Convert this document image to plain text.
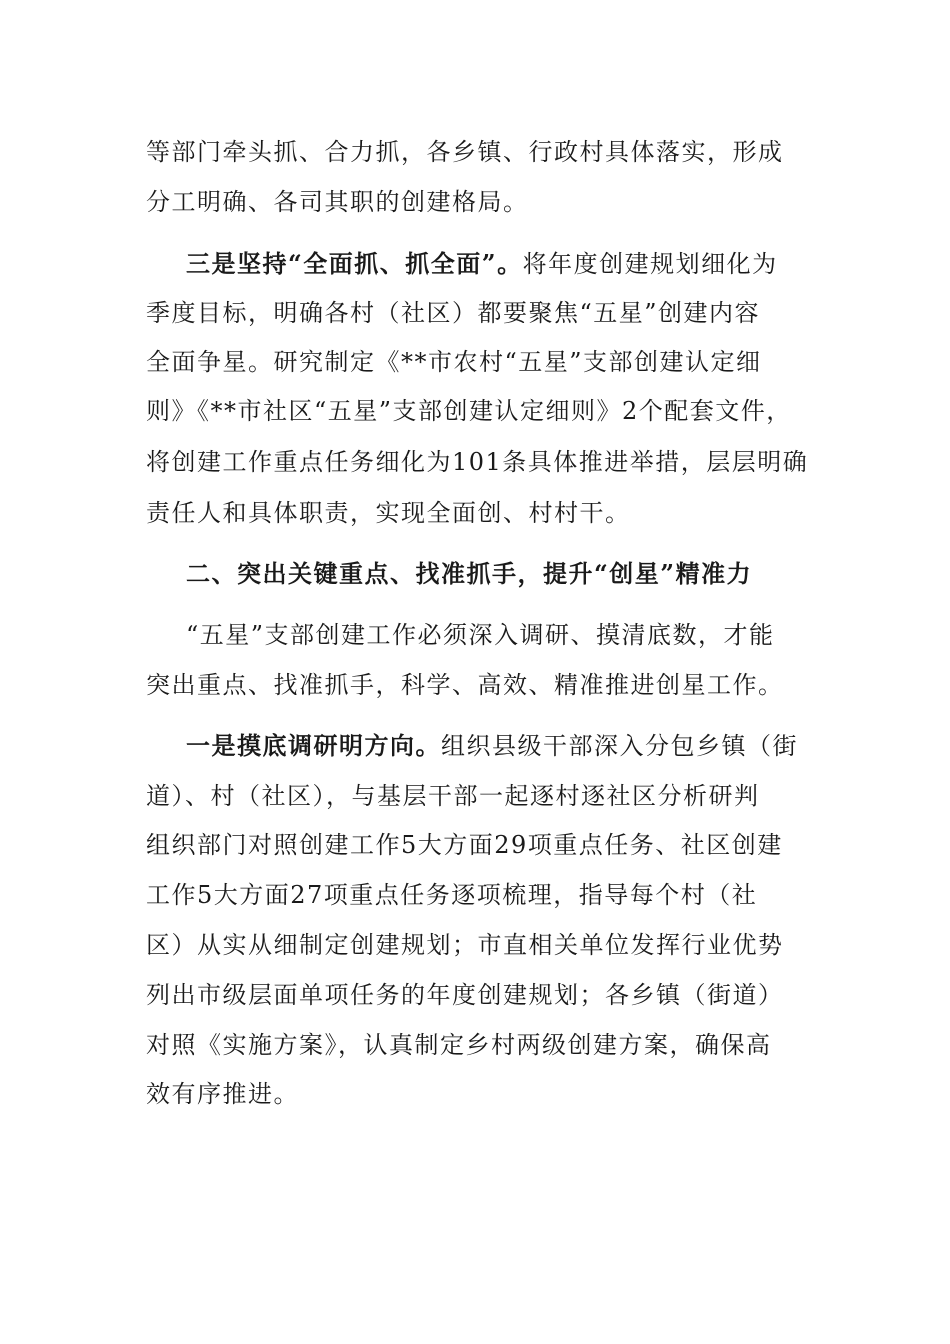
等部门牵头抓、合力抓，各乡镇、行政村具体落实，形成
分工明确、各司其职的创建格局。
三是坚持“全面抓、抓全面”。将年度创建规划细化为
季度目标，明确各村（社区）都要聚焦“五星”创建内容
全面争星。研究制定《**市农村“五星”支部创建认定细
则》《**市社区“五星”支部创建认定细则》2个配套文件，
将创建工作重点任务细化为101条具体推进举措，层层明确
责任人和具体职责，实现全面创、村村干。
二、突出关键重点、找准抓手，提升“创星”精准力
“五星”支部创建工作必须深入调研、摸清底数，才能
突出重点、找准抓手，科学、高效、精准推进创星工作。
一是摸底调研明方向。组织县级干部深入分包乡镇（街
道）、村（社区），与基层干部一起逐村逐社区分析研判
组织部门对照创建工作5大方面29项重点任务、社区创建
工作5大方面27项重点任务逐项梳理，指导每个村（社
区）从实从细制定创建规划；市直相关单位发挥行业优势
列出市级层面单项任务的年度创建规划；各乡镇（街道）
对照《实施方案》，认真制定乡村两级创建方案，确保高
效有序推进。
